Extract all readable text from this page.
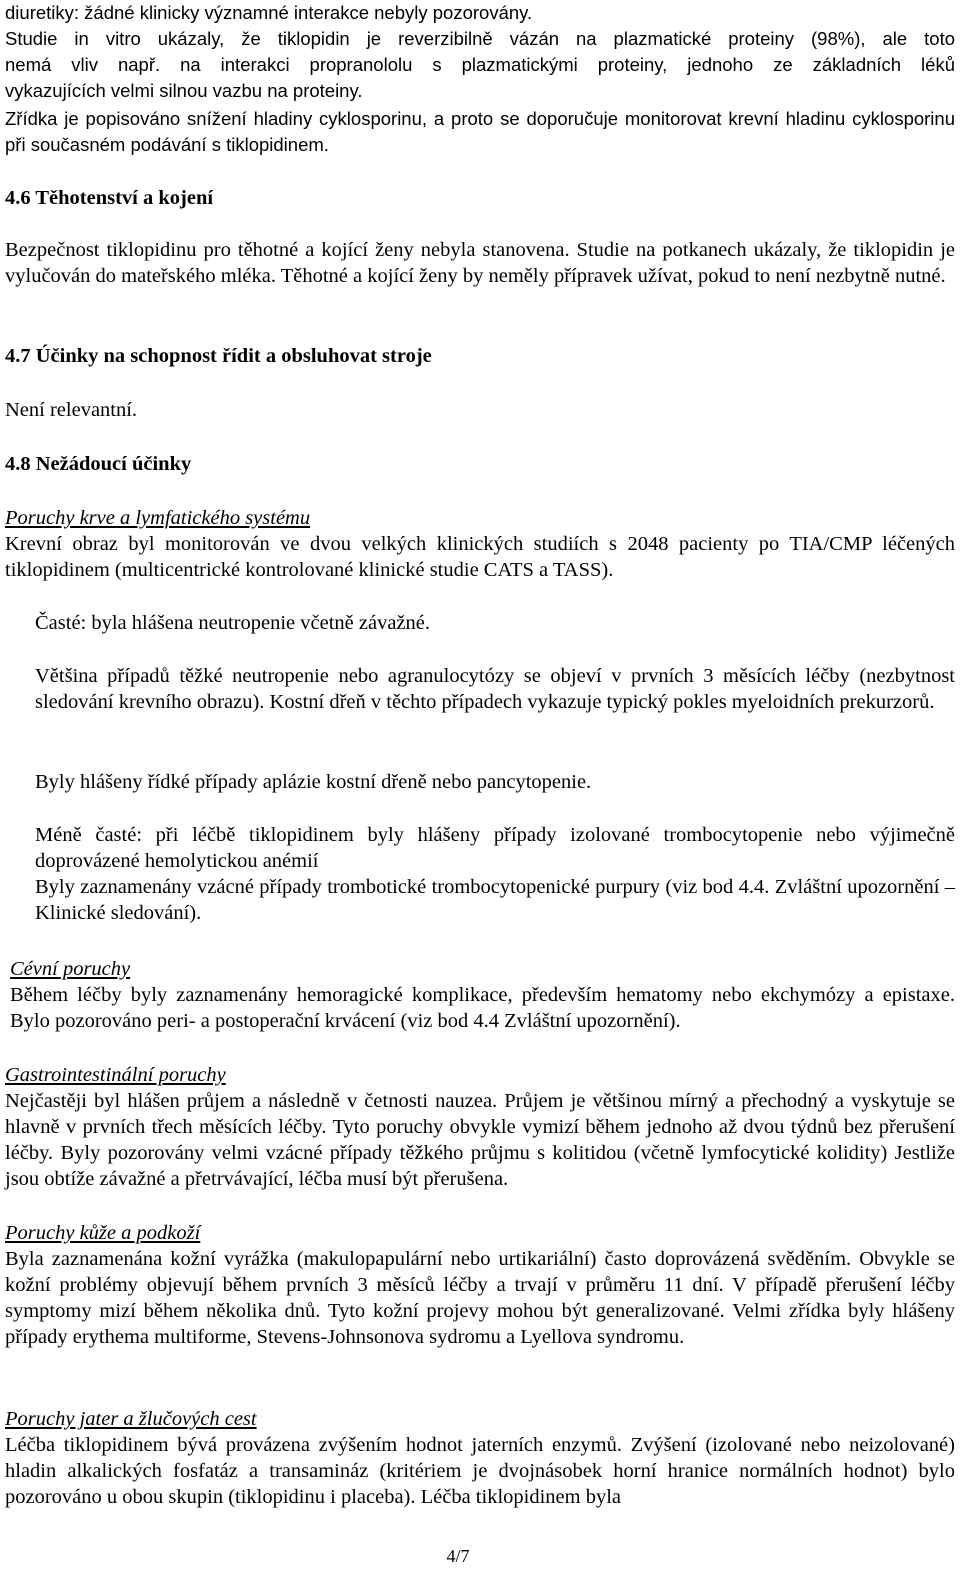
diuretiky: žádné klinicky významné interakce nebyly pozorovány.
Studie in vitro ukázaly, že tiklopidin je reverzibilně vázán na plazmatické proteiny (98%), ale toto
nemá vliv např. na interakci propranololu s plazmatickými proteiny, jednoho ze základních léků
vykazujících velmi silnou vazbu na proteiny.

Zřídka je popisováno snížení hladiny cyklosporinu, a proto se doporučuje monitorovat krevní hladinu cyklosporinu při současném podávání s tiklopidinem.

4.6 Těhotenství a kojení

Bezpečnost tiklopidinu pro těhotné a kojící ženy nebyla stanovena. Studie na potkanech ukázaly, že tiklopidin je vylučován do mateřského mléka. Těhotné a kojící ženy by neměly přípravek užívat, pokud to není nezbytně nutné.

4.7 Účinky na schopnost řídit a obsluhovat stroje

Není relevantní.

4.8 Nežádoucí účinky
Poruchy krve a lymfatického systému

Krevní obraz byl monitorován ve dvou velkých klinických studiích s 2048 pacienty po TIA/CMP léčených tiklopidinem (multicentrické kontrolované klinické studie CATS a TASS).

Časté: byla hlášena neutropenie včetně závažné.

Většina případů těžké neutropenie nebo agranulocytózy se objeví v prvních 3 měsících léčby (nezbytnost sledování krevního obrazu). Kostní dřeň v těchto případech vykazuje typický pokles myeloidních prekurzorů.

Byly hlášeny řídké případy aplázie kostní dřeně nebo pancytopenie.

Méně časté: při léčbě tiklopidinem byly hlášeny případy izolované trombocytopenie nebo výjimečně doprovázené hemolytickou anémií

Byly zaznamenány vzácné případy trombotické trombocytopenické purpury (viz bod 4.4. Zvláštní upozornění – Klinické sledování).

Cévní poruchy

Během léčby byly zaznamenány hemoragické komplikace, především hematomy nebo ekchymózy a epistaxe. Bylo pozorováno peri- a postoperační krvácení (viz bod 4.4 Zvláštní upozornění).

Gastrointestinální poruchy

Nejčastěji byl hlášen průjem a následně v četnosti nauzea. Průjem je většinou mírný a přechodný a vyskytuje se hlavně v prvních třech měsících léčby. Tyto poruchy obvykle vymizí během jednoho až dvou týdnů bez přerušení léčby. Byly pozorovány velmi vzácné případy těžkého průjmu s kolitidou (včetně lymfocytické kolidity) Jestliže jsou obtíže závažné a přetrvávající, léčba musí být přerušena.

Poruchy kůže a podkoží

Byla zaznamenána kožní vyrážka (makulopapulární nebo urtikariální) často doprovázená svěděním. Obvykle se kožní problémy objevují během prvních 3 měsíců léčby a trvají v průměru 11 dní. V případě přerušení léčby symptomy mizí během několika dnů. Tyto kožní projevy mohou být generalizované. Velmi zřídka byly hlášeny případy erythema multiforme, Stevens-Johnsonova sydromu a Lyellova syndromu.

Poruchy jater a žlučových cest

Léčba tiklopidinem bývá provázena zvýšením hodnot jaterních enzymů. Zvýšení (izolované nebo neizolované) hladin alkalických fosfatáz a transamináz (kritériem je dvojnásobek horní hranice normálních hodnot) bylo pozorováno u obou skupin (tiklopidinu i placeba). Léčba tiklopidinem byla

4/7
